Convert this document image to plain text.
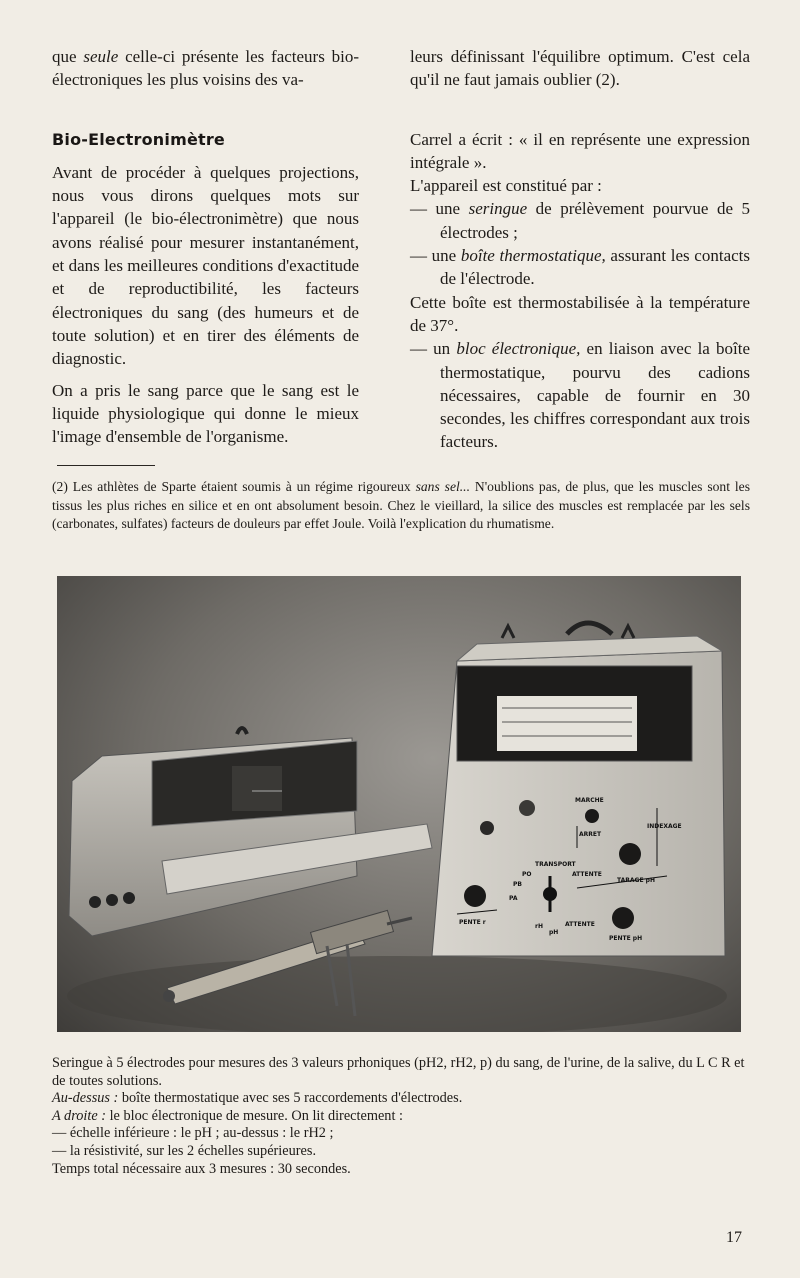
que seule celle-ci présente les facteurs bio-électroniques les plus voisins des va-

Bio-Electronimètre

Avant de procéder à quelques projections, nous vous dirons quelques mots sur l'appareil (le bio-électronimètre) que nous avons réalisé pour mesurer instantanément, et dans les meilleures conditions d'exactitude et de reproductibilité, les facteurs électroniques du sang (des humeurs et de toute solution) et en tirer des éléments de diagnostic.

On a pris le sang parce que le sang est le liquide physiologique qui donne le mieux l'image d'ensemble de l'organisme.

leurs définissant l'équilibre optimum. C'est cela qu'il ne faut jamais oublier (2).

Carrel a écrit : « il en représente une expression intégrale ».

L'appareil est constitué par :

— une seringue de prélèvement pourvue de 5 électrodes ;

— une boîte thermostatique, assurant les contacts de l'électrode.

Cette boîte est thermostabilisée à la température de 37°.

— un bloc électronique, en liaison avec la boîte thermostatique, pourvu des cadions nécessaires, capable de fournir en 30 secondes, les chiffres correspondant aux trois facteurs.

(2) Les athlètes de Sparte étaient soumis à un régime rigoureux sans sel... N'oublions pas, de plus, que les muscles sont les tissus les plus riches en silice et en ont absolument besoin. Chez le vieillard, la silice des muscles est remplacée par les sels (carbonates, sulfates) facteurs de douleurs par effet Joule. Voilà l'explication du rhumatisme.
MARCHE
ARRET
INDEXAGE
TRANSPORT
ATTENTE
TARAGE pH
PO
PB
PA
PENTE r
rH
pH
ATTENTE
PENTE pH

Seringue à 5 électrodes pour mesures des 3 valeurs prhoniques (pH2, rH2, p) du sang, de l'urine, de la salive, du L C R et de toutes solutions.

Au-dessus : boîte thermostatique avec ses 5 raccordements d'électrodes.

A droite : le bloc électronique de mesure. On lit directement :

— échelle inférieure : le pH ; au-dessus : le rH2 ;

— la résistivité, sur les 2 échelles supérieures.

Temps total nécessaire aux 3 mesures : 30 secondes.

17
